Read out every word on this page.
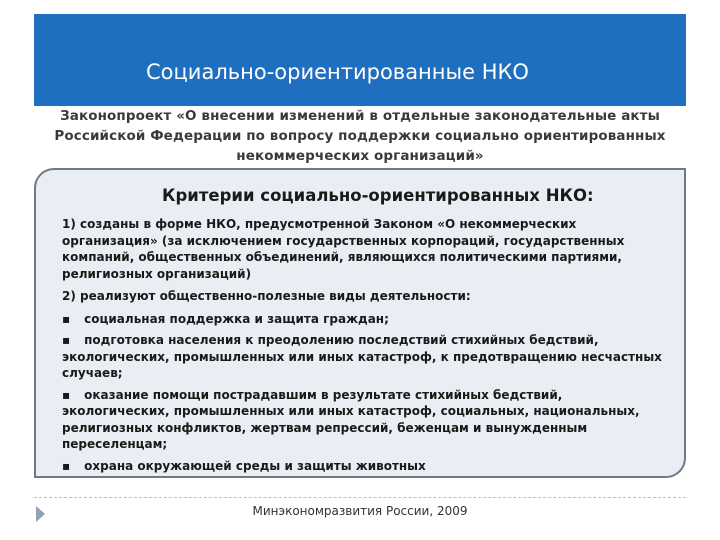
Социально-ориентированные НКО
Законопроект «О внесении изменений в отдельные законодательные акты
Российской Федерации по вопросу поддержки социально ориентированных
некоммерческих организаций»
Критерии социально-ориентированных НКО:

1) созданы в форме НКО, предусмотренной Законом «О некоммерческих организация» (за исключением государственных корпораций, государственных компаний, общественных объединений, являющихся политическими партиями, религиозных организаций)

2) реализуют общественно-полезные виды деятельности:

▪ социальная поддержка и защита граждан;
▪ подготовка населения к преодолению последствий стихийных бедствий, экологических, промышленных или иных катастроф, к предотвращению несчастных случаев;
▪ оказание помощи пострадавшим в результате стихийных бедствий, экологических, промышленных или иных катастроф, социальных, национальных, религиозных конфликтов, жертвам репрессий, беженцам и вынужденным переселенцам;
▪ охрана окружающей среды и защиты животных
Минэкономразвития России, 2009
